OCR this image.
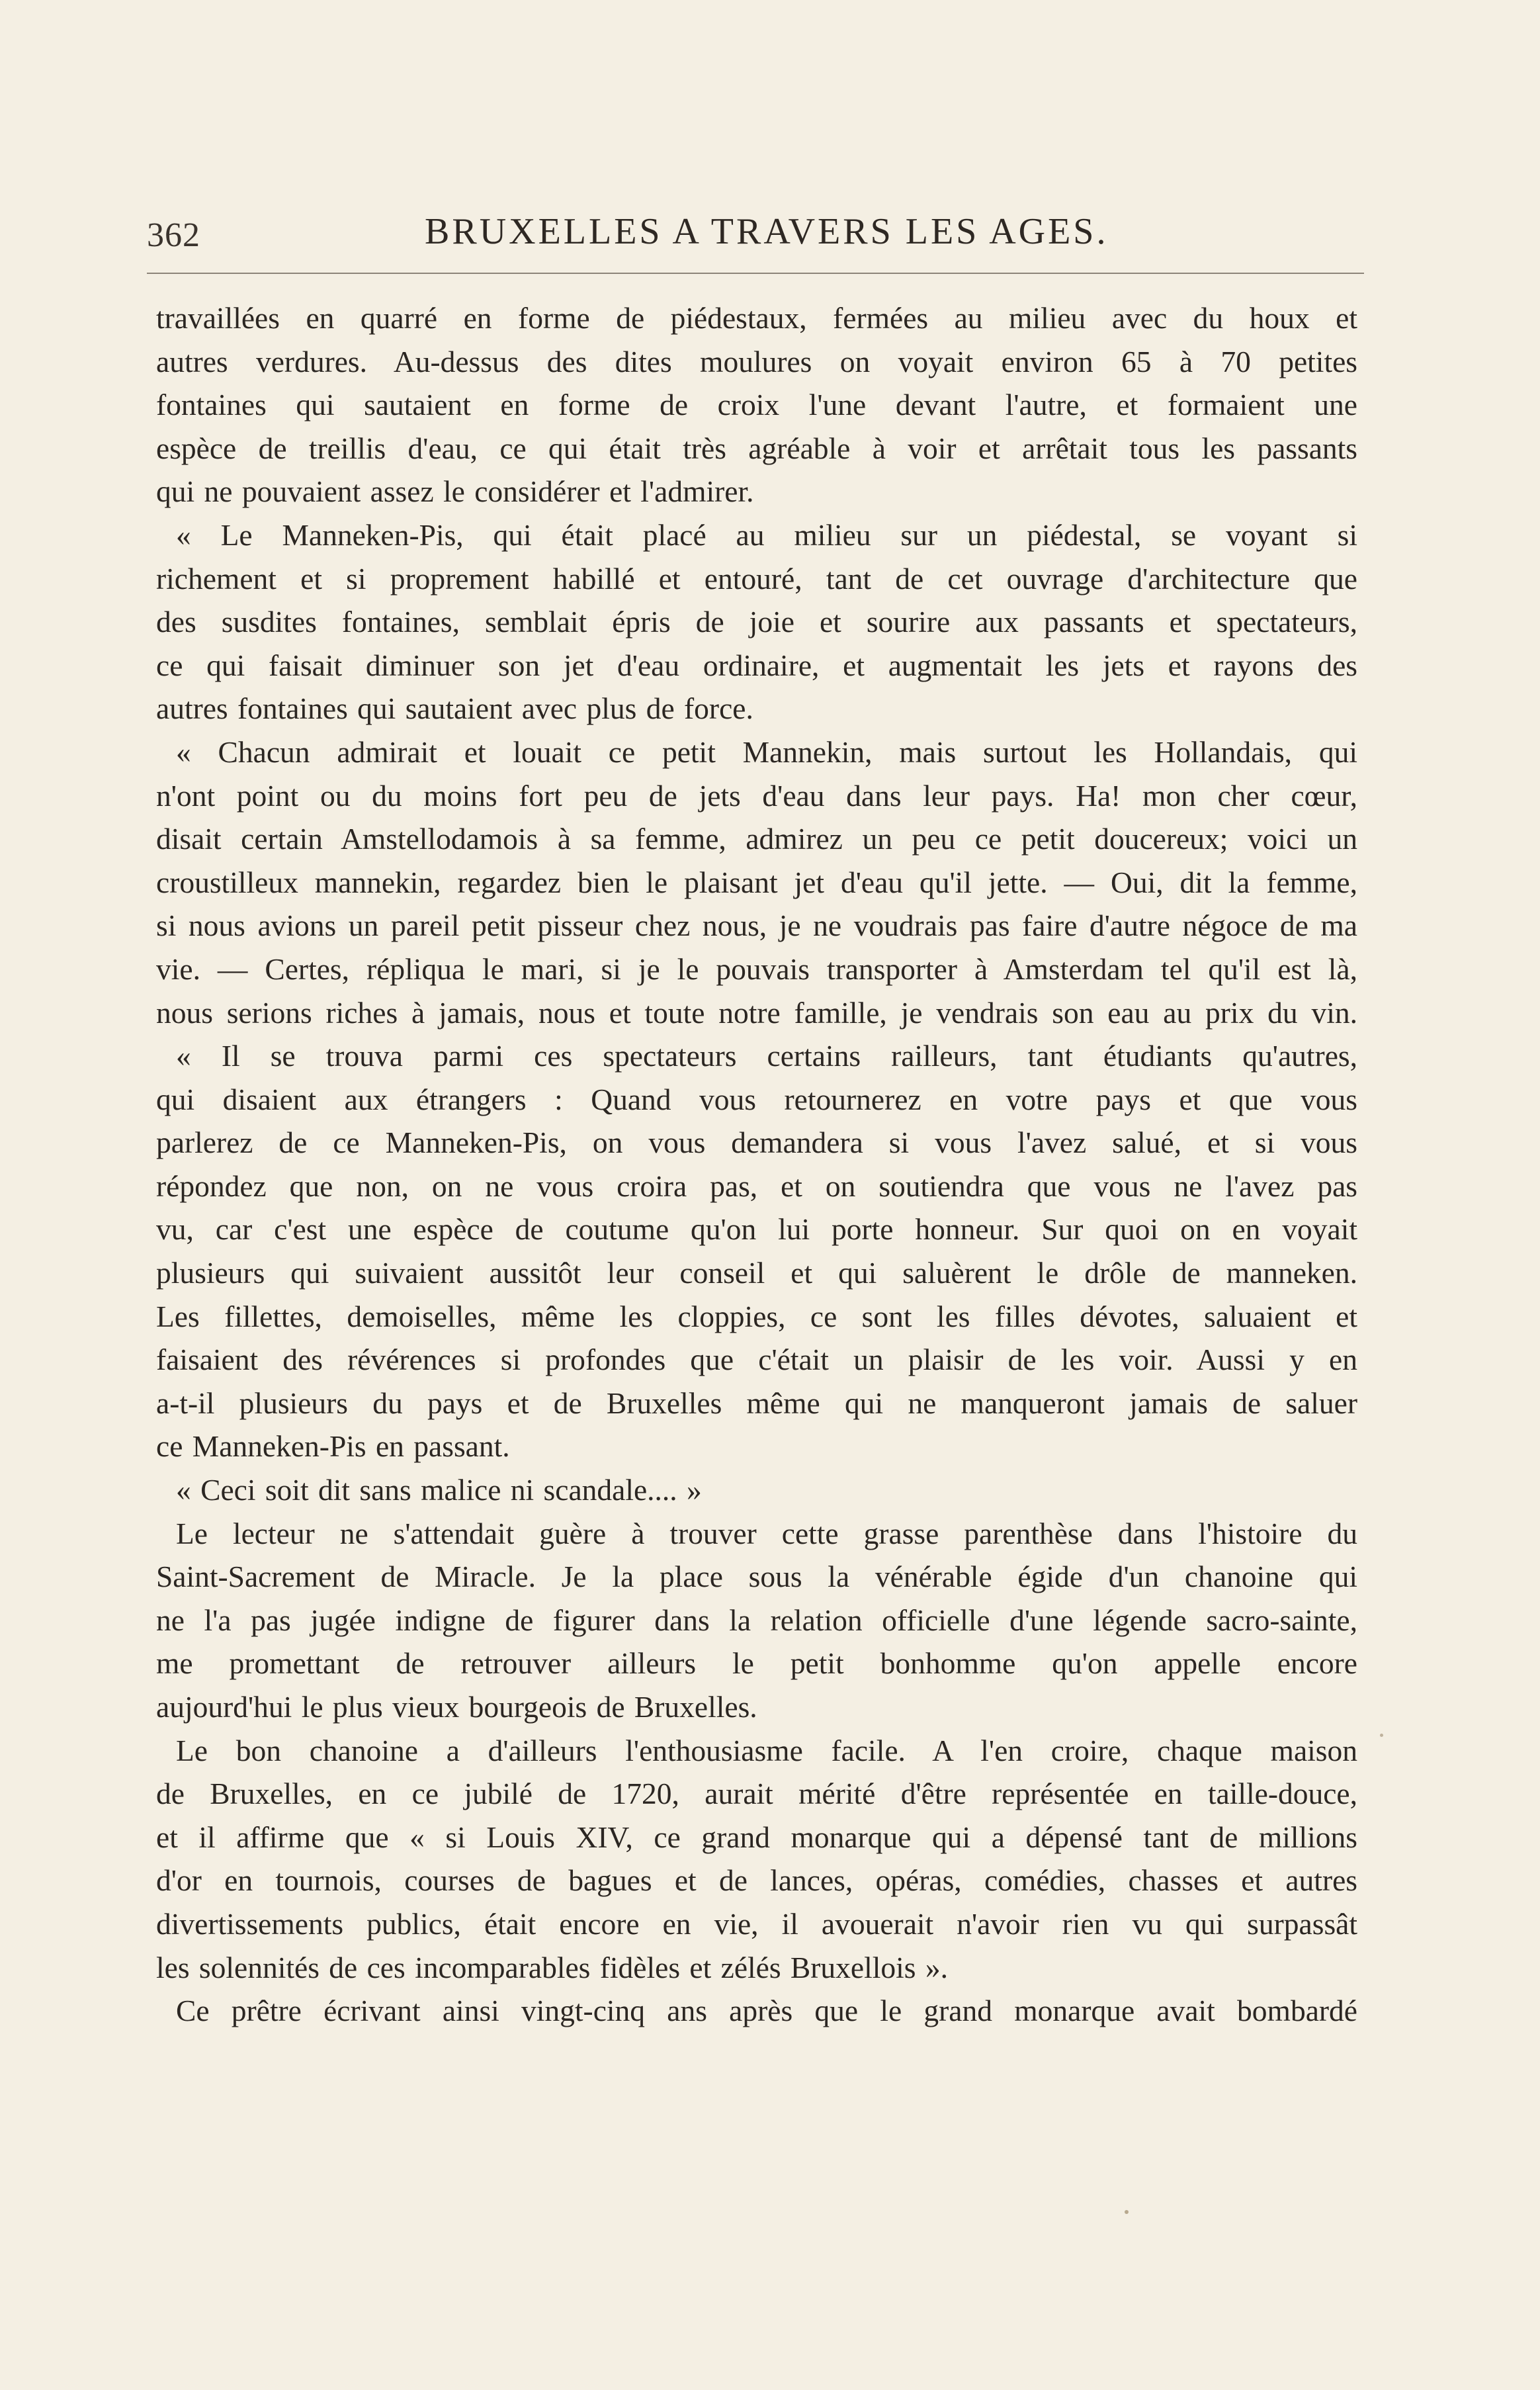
362	BRUXELLES A TRAVERS LES AGES.
travaillées en quarré en forme de piédestaux, fermées au milieu avec du houx et
autres verdures. Au-dessus des dites moulures on voyait environ 65 à 70 petites
fontaines qui sautaient en forme de croix l'une devant l'autre, et formaient une
espèce de treillis d'eau, ce qui était très agréable à voir et arrêtait tous les passants
qui ne pouvaient assez le considérer et l'admirer.
« Le Manneken-Pis, qui était placé au milieu sur un piédestal, se voyant si
richement et si proprement habillé et entouré, tant de cet ouvrage d'architecture que
des susdites fontaines, semblait épris de joie et sourire aux passants et spectateurs,
ce qui faisait diminuer son jet d'eau ordinaire, et augmentait les jets et rayons des
autres fontaines qui sautaient avec plus de force.
« Chacun admirait et louait ce petit Mannekin, mais surtout les Hollandais, qui
n'ont point ou du moins fort peu de jets d'eau dans leur pays. Ha! mon cher cœur,
disait certain Amstellodamois à sa femme, admirez un peu ce petit doucereux; voici un
croustilleux mannekin, regardez bien le plaisant jet d'eau qu'il jette. — Oui, dit la femme,
si nous avions un pareil petit pisseur chez nous, je ne voudrais pas faire d'autre négoce de ma
vie. — Certes, répliqua le mari, si je le pouvais transporter à Amsterdam tel qu'il est là,
nous serions riches à jamais, nous et toute notre famille, je vendrais son eau au prix du vin.
« Il se trouva parmi ces spectateurs certains railleurs, tant étudiants qu'autres,
qui disaient aux étrangers : Quand vous retournerez en votre pays et que vous
parlerez de ce Manneken-Pis, on vous demandera si vous l'avez salué, et si vous
répondez que non, on ne vous croira pas, et on soutiendra que vous ne l'avez pas
vu, car c'est une espèce de coutume qu'on lui porte honneur. Sur quoi on en voyait
plusieurs qui suivaient aussitôt leur conseil et qui saluèrent le drôle de manneken.
Les fillettes, demoiselles, même les cloppies, ce sont les filles dévotes, saluaient et
faisaient des révérences si profondes que c'était un plaisir de les voir. Aussi y en
a-t-il plusieurs du pays et de Bruxelles même qui ne manqueront jamais de saluer
ce Manneken-Pis en passant.
« Ceci soit dit sans malice ni scandale.... »
Le lecteur ne s'attendait guère à trouver cette grasse parenthèse dans l'histoire du
Saint-Sacrement de Miracle. Je la place sous la vénérable égide d'un chanoine qui
ne l'a pas jugée indigne de figurer dans la relation officielle d'une légende sacro-sainte,
me promettant de retrouver ailleurs le petit bonhomme qu'on appelle encore
aujourd'hui le plus vieux bourgeois de Bruxelles.
Le bon chanoine a d'ailleurs l'enthousiasme facile. A l'en croire, chaque maison
de Bruxelles, en ce jubilé de 1720, aurait mérité d'être représentée en taille-douce,
et il affirme que « si Louis XIV, ce grand monarque qui a dépensé tant de millions
d'or en tournois, courses de bagues et de lances, opéras, comédies, chasses et autres
divertissements publics, était encore en vie, il avouerait n'avoir rien vu qui surpassât
les solennités de ces incomparables fidèles et zélés Bruxellois ».
Ce prêtre écrivant ainsi vingt-cinq ans après que le grand monarque avait bombardé
